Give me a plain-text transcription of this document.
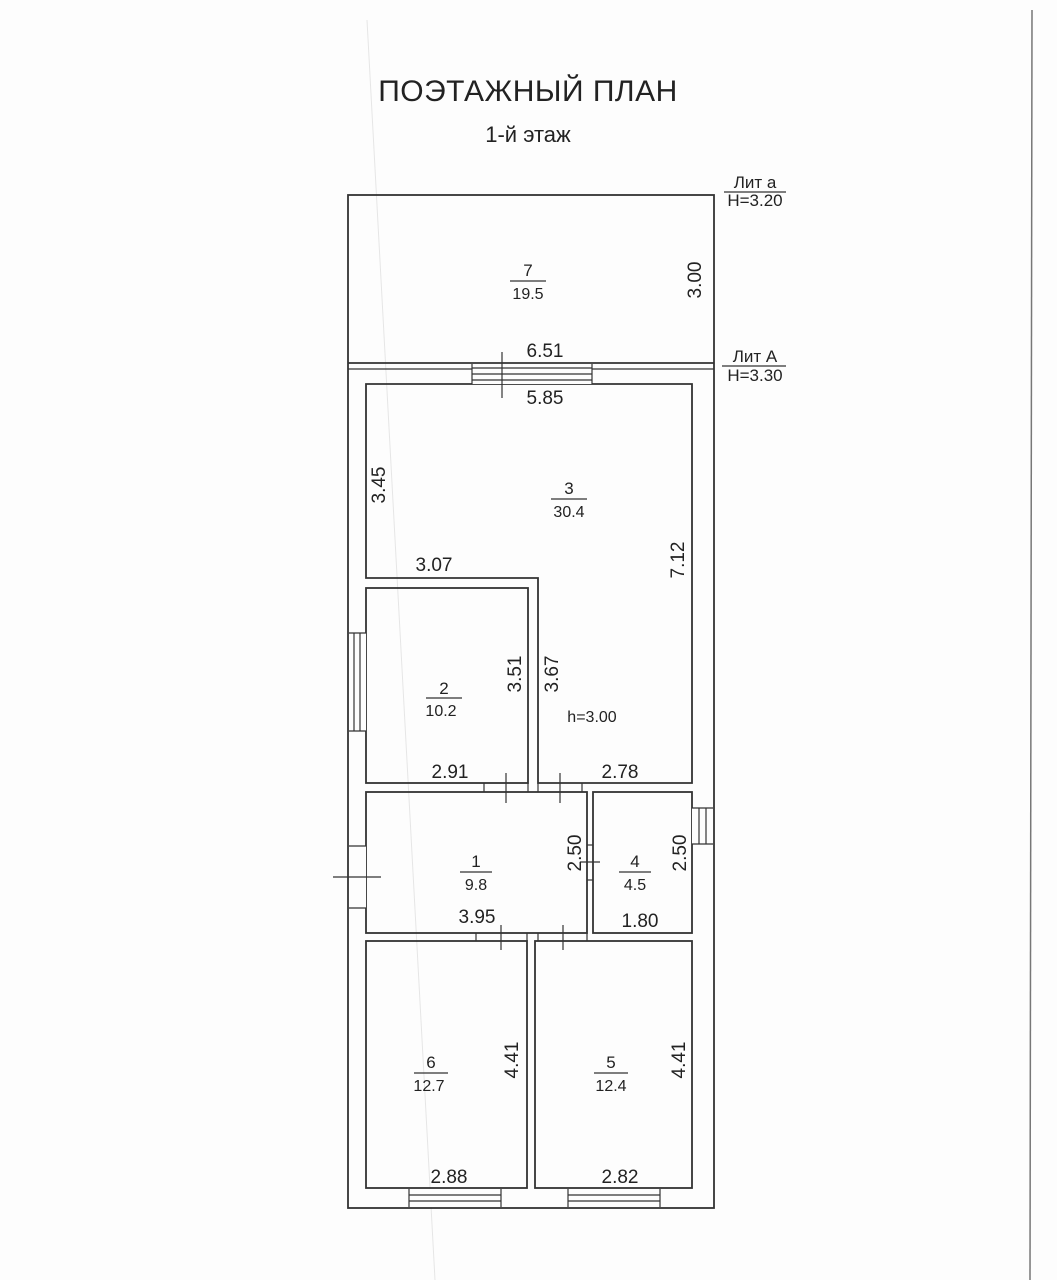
ПОЭТАЖНЫЙ ПЛАН
1-й этаж
Лит а
H=3.20
Лит А
H=3.30
7
19.5
3
30.4
2
10.2
1
9.8
4
4.5
6
12.7
5
12.4
h=3.00
6.51
5.85
3.07
2.91	2.78
3.95	1.80
2.88	2.82
3.00
3.45
7.12
3.51 3.67
2.50	2.50
4.41	4.41
